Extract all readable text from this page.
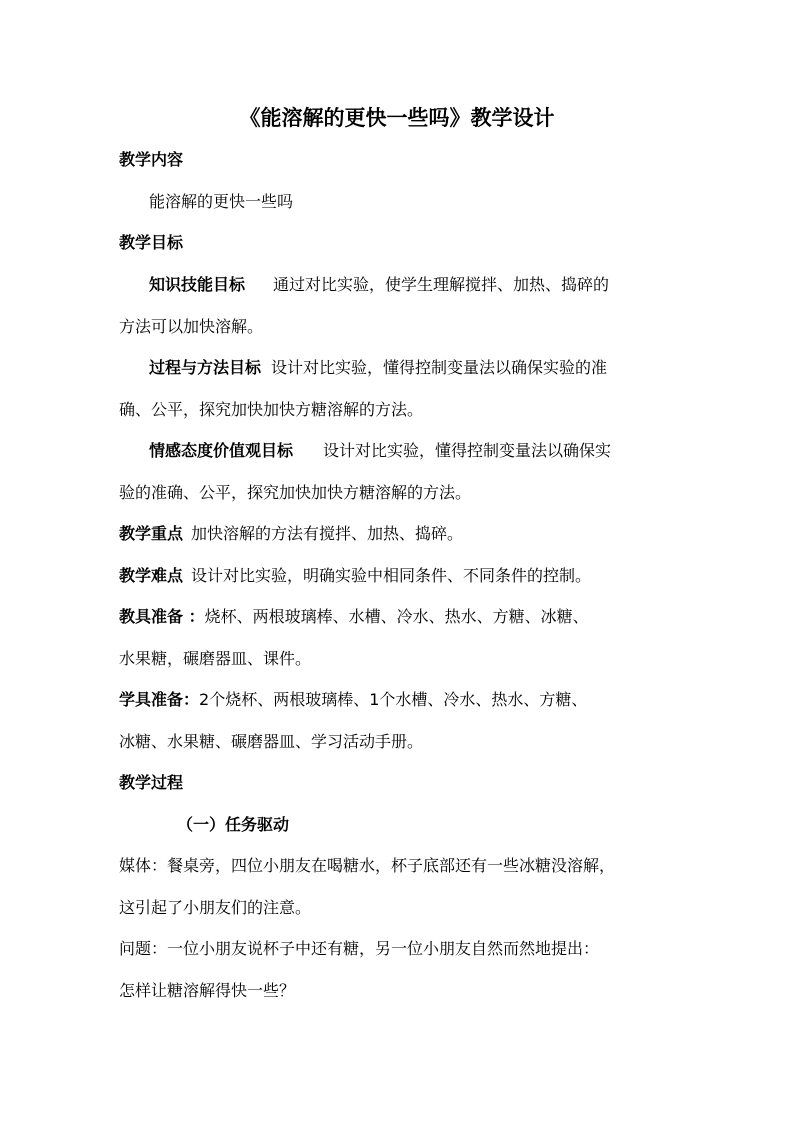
《能溶解的更快一些吗》教学设计
教学内容
能溶解的更快一些吗
教学目标
知识技能目标 通过对比实验，使学生理解搅拌、加热、捣碎的
方法可以加快溶解。
过程与方法目标 设计对比实验，懂得控制变量法以确保实验的准
确、公平，探究加快加快方糖溶解的方法。
情感态度价值观目标 设计对比实验，懂得控制变量法以确保实
验的准确、公平，探究加快加快方糖溶解的方法。
教学重点 加快溶解的方法有搅拌、加热、捣碎。
教学难点 设计对比实验，明确实验中相同条件、不同条件的控制。
教具准备 ：烧杯、两根玻璃棒、水槽、冷水、热水、方糖、冰糖、
水果糖，碾磨器皿、课件。
学具准备：2个烧杯、两根玻璃棒、1个水槽、冷水、热水、方糖、
冰糖、水果糖、碾磨器皿、学习活动手册。
教学过程
（一）任务驱动
媒体：餐桌旁，四位小朋友在喝糖水，杯子底部还有一些冰糖没溶解，
这引起了小朋友们的注意。
问题：一位小朋友说杯子中还有糖，另一位小朋友自然而然地提出：
怎样让糖溶解得快一些？
